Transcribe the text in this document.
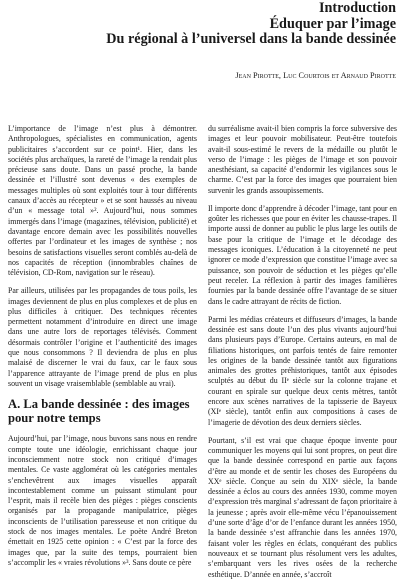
Introduction
Éduquer par l’image
Du régional à l’universel dans la bande dessinée
Jean Pirotte, Luc Courtois et Arnaud Pirotte

L’importance de l’image n’est plus à démontrer. Anthropologues, spécialistes en communication, agents publicitaires s’accordent sur ce point¹. Hier, dans les sociétés plus archaïques, la rareté de l’image la rendait plus précieuse sans doute. Dans un passé proche, la bande dessinée et l’illustré sont devenus « des exemples de messages multiples où sont exploités tour à tour différents canaux d’accès au récepteur » et se sont haussés au niveau d’un « message total »². Aujourd’hui, nous sommes immergés dans l’image (magazines, télévision, publicité) et davantage encore demain avec les possibilités nouvelles offertes par l’ordinateur et les images de synthèse ; nos besoins de satisfactions visuelles seront comblés au-delà de nos capacités de réception (innombrables chaînes de télévision, CD-Rom, navigation sur le réseau).

Par ailleurs, utilisées par les propagandes de tous poils, les images deviennent de plus en plus complexes et de plus en plus difficiles à critiquer. Des techniques récentes permettent notamment d’introduire en direct une image dans une autre lors de reportages télévisés. Comment désormais contrôler l’origine et l’authenticité des images que nous consommons ? Il deviendra de plus en plus malaisé de discerner le vrai du faux, car le faux sous l’apparence attrayante de l’image prend de plus en plus souvent un visage vraisemblable (semblable au vrai).

A. La bande dessinée : des images pour notre temps

Aujourd’hui, par l’image, nous buvons sans nous en rendre compte toute une idéologie, enrichissant chaque jour inconsciemment notre stock non critiqué d’images mentales. Ce vaste agglomérat où les catégories mentales s’enchevêtrent aux images visuelles apparaît incontestablement comme un puissant stimulant pour l’esprit, mais il recèle bien des pièges : pièges conscients organisés par la propagande manipulatrice, pièges inconscients de l’utilisation paresseuse et non critique du stock de nos images mentales. Le poète André Breton émettait en 1925 cette opinion : « C’est par la force des images que, par la suite des temps, pourraient bien s’accomplir les « vraies révolutions »³. Sans doute ce père

du surréalisme avait-il bien compris la force subversive des images et leur pouvoir mobilisateur. Peut-être toutefois avait-il sous-estimé le revers de la médaille ou plutôt le verso de l’image : les pièges de l’image et son pouvoir anesthésiant, sa capacité d’endormir les vigilances sous le charme. C’est par la force des images que pourraient bien survenir les grands assoupissements.

Il importe donc d’apprendre à décoder l’image, tant pour en goûter les richesses que pour en éviter les chausse-trapes. Il importe aussi de donner au public le plus large les outils de base pour la critique de l’image et le décodage des messages iconiques. L’éducation à la citoyenneté ne peut ignorer ce mode d’expression que constitue l’image avec sa puissance, son pouvoir de séduction et les pièges qu’elle peut receler. La réflexion à partir des images familières fournies par la bande dessinée offre l’avantage de se situer dans le cadre attrayant de récits de fiction.

Parmi les médias créateurs et diffuseurs d’images, la bande dessinée est sans doute l’un des plus vivants aujourd’hui dans plusieurs pays d’Europe. Certains auteurs, en mal de filiations historiques, ont parfois tentés de faire remonter les origines de la bande dessinée tantôt aux figurations animales des grottes préhistoriques, tantôt aux épisodes sculptés au début du IIᵉ siècle sur la colonne trajane et courant en spirale sur quelque deux cents mètres, tantôt encore aux scènes narratives de la tapisserie de Bayeux (XIᵉ siècle), tantôt enfin aux compositions à cases de l’imagerie de dévotion des deux derniers siècles.

Pourtant, s’il est vrai que chaque époque invente pour communiquer les moyens qui lui sont propres, on peut dire que la bande dessinée correspond en partie aux façons d’être au monde et de sentir les choses des Européens du XXᵉ siècle. Conçue au sein du XIXᵉ siècle, la bande dessinée a éclos au cours des années 1930, comme moyen d’expression très marginal s’adressant de façon prioritaire à la jeunesse ; après avoir elle-même vécu l’épanouissement d’une sorte d’âge d’or de l’enfance durant les années 1950, la bande dessinée s’est affranchie dans les années 1970, faisant voler les règles en éclats, conquérant des publics nouveaux et se tournant plus résolument vers les adultes, s’embarquant vers les rives osées de la recherche esthétique. D’année en année, s’accroît
